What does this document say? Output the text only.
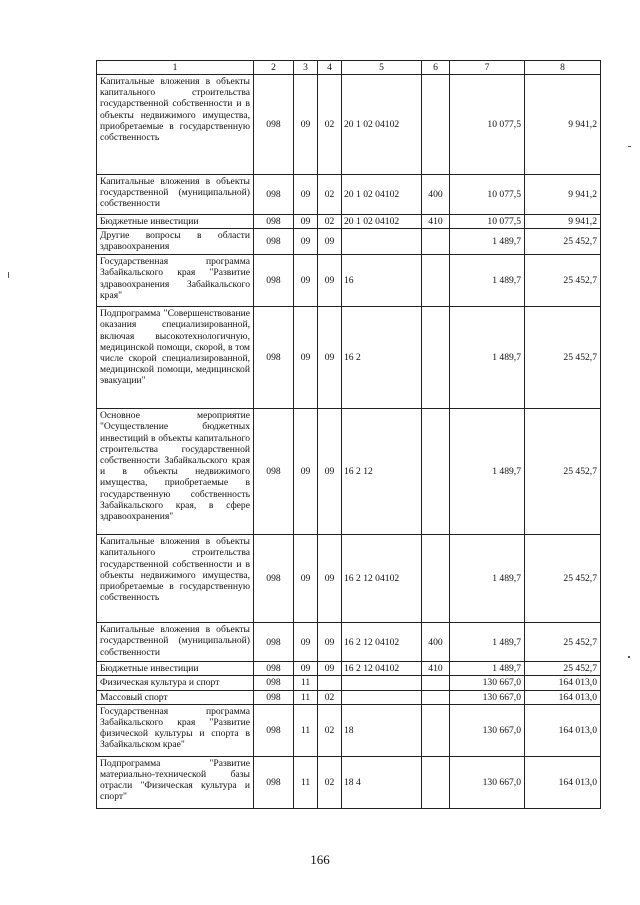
1	2	3	4	5	6	7	8
Капитальные вложения в объекты капитального строительства государственной собственности и в объекты недвижимого имущества, приобретаемые в государственную собственность	098	09	02	20 1 02 04102		10 077,5	9 941,2
Капитальные вложения в объекты государственной (муниципальной) собственности	098	09	02	20 1 02 04102	400	10 077,5	9 941,2
Бюджетные инвестиции	098	09	02	20 1 02 04102	410	10 077,5	9 941,2
Другие вопросы в области здравоохранения	098	09	09			1 489,7	25 452,7
Государственная программа Забайкальского края "Развитие здравоохранения Забайкальского края"	098	09	09	16		1 489,7	25 452,7
Подпрограмма "Совершенствование оказания специализированной, включая высокотехнологичную, медицинской помощи, скорой, в том числе скорой специализированной, медицинской помощи, медицинской эвакуации"	098	09	09	16 2		1 489,7	25 452,7
Основное мероприятие "Осуществление бюджетных инвестиций в объекты капитального строительства государственной собственности Забайкальского края и в объекты недвижимого имущества, приобретаемые в государственную собственность Забайкальского края, в сфере здравоохранения"	098	09	09	16 2 12		1 489,7	25 452,7
Капитальные вложения в объекты капитального строительства государственной собственности и в объекты недвижимого имущества, приобретаемые в государственную собственность	098	09	09	16 2 12 04102		1 489,7	25 452,7
Капитальные вложения в объекты государственной (муниципальной) собственности	098	09	09	16 2 12 04102	400	1 489,7	25 452,7
Бюджетные инвестиции	098	09	09	16 2 12 04102	410	1 489,7	25 452,7
Физическая культура и спорт	098	11				130 667,0	164 013,0
Массовый спорт	098	11	02			130 667,0	164 013,0
Государственная программа Забайкальского края "Развитие физической культуры и спорта в Забайкальском крае"	098	11	02	18		130 667,0	164 013,0
Подпрограмма "Развитие материально-технической базы отрасли "Физическая культура и спорт"	098	11	02	18 4		130 667,0	164 013,0
166
